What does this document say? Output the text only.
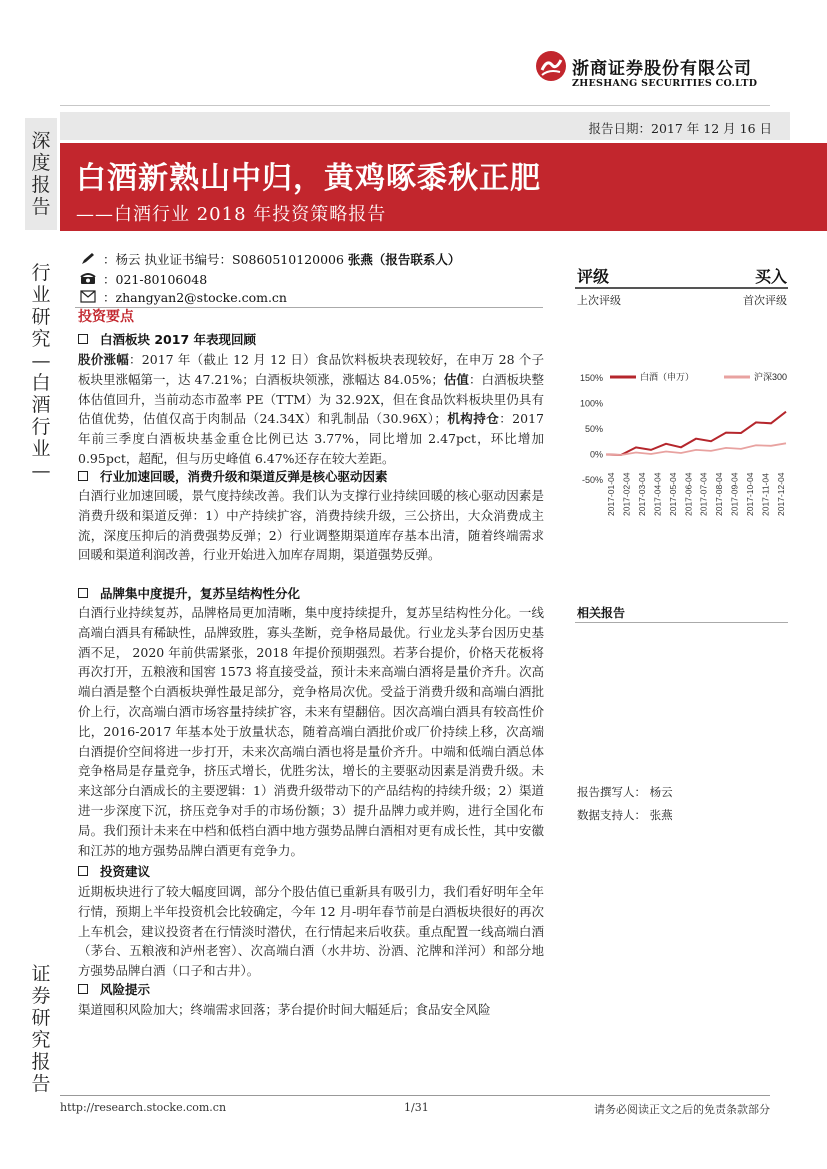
浙商证券股份有限公司
ZHESHANG SECURITIES CO.LTD
深度报告
报告日期：2017 年 12 月 16 日
白酒新熟山中归，黄鸡啄黍秋正肥
——白酒行业 2018 年投资策略报告
行业研究—白酒行业—
证券研究报告
：杨云 执业证书编号：S0860510120006 张燕（报告联系人）
：021-80106048
：zhangyan2@stocke.com.cn
投资要点
白酒板块 2017 年表现回顾
股价涨幅：2017 年（截止 12 月 12 日）食品饮料板块表现较好，在申万 28 个子板块里涨幅第一，达 47.21%；白酒板块领涨，涨幅达 84.05%；估值：白酒板块整体估值回升，当前动态市盈率 PE（TTM）为 32.92X，但在食品饮料板块里仍具有估值优势，估值仅高于肉制品（24.34X）和乳制品（30.96X）；机构持仓：2017 年前三季度白酒板块基金重仓比例已达 3.77%，同比增加 2.47pct，环比增加 0.95pct，超配，但与历史峰值 6.47%还存在较大差距。
行业加速回暖，消费升级和渠道反弹是核心驱动因素
白酒行业加速回暖，景气度持续改善。我们认为支撑行业持续回暖的核心驱动因素是消费升级和渠道反弹：1）中产持续扩容，消费持续升级，三公挤出，大众消费成主流，深度压抑后的消费强势反弹；2）行业调整期渠道库存基本出清，随着终端需求回暖和渠道利润改善，行业开始进入加库存周期，渠道强势反弹。
品牌集中度提升，复苏呈结构性分化
白酒行业持续复苏，品牌格局更加清晰，集中度持续提升，复苏呈结构性分化。一线高端白酒具有稀缺性，品牌致胜，寡头垄断，竞争格局最优。行业龙头茅台因历史基酒不足， 2020 年前供需紧张，2018 年提价预期强烈。若茅台提价，价格天花板将再次打开，五粮液和国窖 1573 将直接受益，预计未来高端白酒将是量价齐升。次高端白酒是整个白酒板块弹性最足部分，竞争格局次优。受益于消费升级和高端白酒批价上行，次高端白酒市场容量持续扩容，未来有望翻倍。因次高端白酒具有较高性价比，2016-2017 年基本处于放量状态，随着高端白酒批价或厂价持续上移，次高端白酒提价空间将进一步打开，未来次高端白酒也将是量价齐升。中端和低端白酒总体竞争格局是存量竞争，挤压式增长，优胜劣汰，增长的主要驱动因素是消费升级。未来这部分白酒成长的主要逻辑：1）消费升级带动下的产品结构的持续升级；2）渠道进一步深度下沉，挤压竞争对手的市场份额；3）提升品牌力或并购，进行全国化布局。我们预计未来在中档和低档白酒中地方强势品牌白酒相对更有成长性，其中安徽和江苏的地方强势品牌白酒更有竞争力。
投资建议
近期板块进行了较大幅度回调，部分个股估值已重新具有吸引力，我们看好明年全年行情，预期上半年投资机会比较确定，今年 12 月-明年春节前是白酒板块很好的再次上车机会，建议投资者在行情淡时潜伏，在行情起来后收获。重点配置一线高端白酒（茅台、五粮液和泸州老窖）、次高端白酒（水井坊、汾酒、沱牌和洋河）和部分地方强势品牌白酒（口子和古井）。
风险提示
渠道囤积风险加大；终端需求回落；茅台提价时间大幅延后；食品安全风险
评级	买入
上次评级	首次评级
150%
100%
50%
0%
-50%
白酒（申万）	沪深300
2017-01-04 2017-02-04 2017-03-04 2017-04-04 2017-05-04 2017-06-04 2017-07-04 2017-08-04 2017-09-04 2017-10-04 2017-11-04 2017-12-04
相关报告
报告撰写人： 杨云
数据支持人： 张燕
http://research.stocke.com.cn	1/31	请务必阅读正文之后的免责条款部分
